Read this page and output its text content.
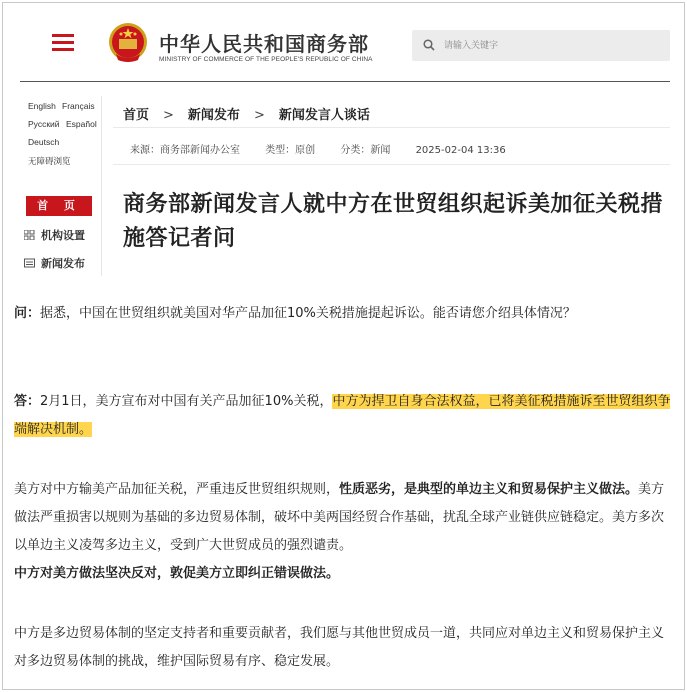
中华人民共和国商务部
MINISTRY OF COMMERCE OF THE PEOPLE'S REPUBLIC OF CHINA
请输入关键字
English Français
Русский Español
Deutsch
无障碍浏览
首 页
机构设置
新闻发布
首页 > 新闻发布 > 新闻发言人谈话
来源：商务部新闻办公室	类型：原创	分类：新闻	2025-02-04 13:36
商务部新闻发言人就中方在世贸组织起诉美加征关税措施答记者问
问：据悉，中国在世贸组织就美国对华产品加征10%关税措施提起诉讼。能否请您介绍具体情况？
答：2月1日，美方宣布对中国有关产品加征10%关税，中方为捍卫自身合法权益，已将美征税措施诉至世贸组织争端解决机制。
美方对中方输美产品加征关税，严重违反世贸组织规则，性质恶劣，是典型的单边主义和贸易保护主义做法。美方做法严重损害以规则为基础的多边贸易体制，破坏中美两国经贸合作基础，扰乱全球产业链供应链稳定。美方多次以单边主义凌驾多边主义，受到广大世贸成员的强烈谴责。
中方对美方做法坚决反对，敦促美方立即纠正错误做法。
中方是多边贸易体制的坚定支持者和重要贡献者，我们愿与其他世贸成员一道，共同应对单边主义和贸易保护主义对多边贸易体制的挑战，维护国际贸易有序、稳定发展。
